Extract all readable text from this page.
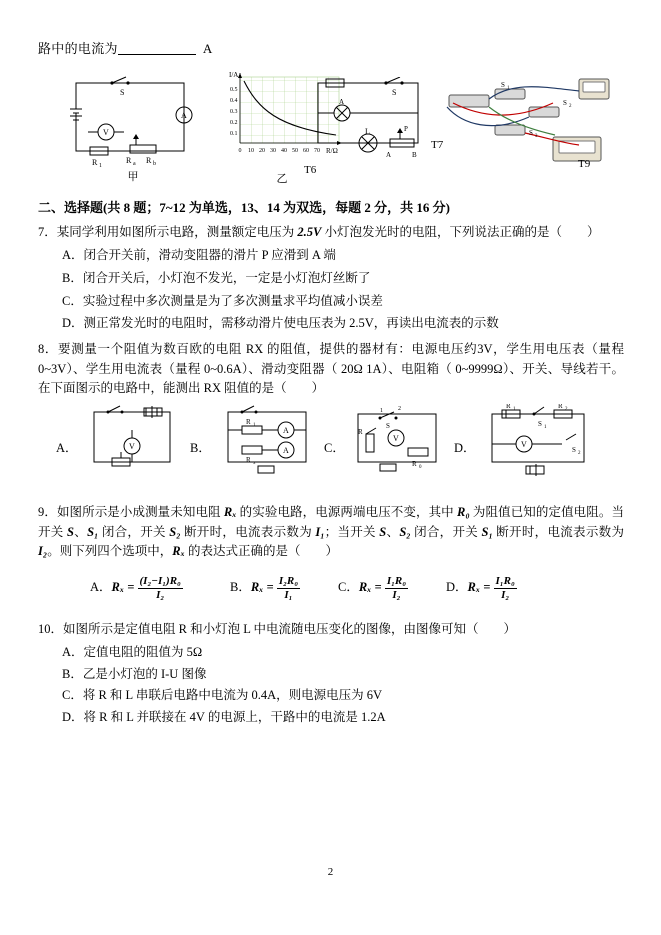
路中的电流为	A
S
V
R 1
R a R b
A
甲
I/A
0 10 20 30 40 50 60 70 R/Ω
0.1
0.2
0.3
0.4
0.5
乙
S
A
L	P
A	B
T6
S 1
S 2
S 3
T7
T9
二、选择题(共 8 题；7~12 为单选，13、14 为双选，每题 2 分，共 16 分)
7．某同学利用如图所示电路，测量额定电压为 2.5V 小灯泡发光时的电阻，下列说法正确的是（　　）
A．闭合开关前，滑动变阻器的滑片 P 应滑到 A 端
B．闭合开关后，小灯泡不发光，一定是小灯泡灯丝断了
C．实验过程中多次测量是为了多次测量求平均值减小误差
D．测正常发光时的电阻时，需移动滑片使电压表为 2.5V，再读出电流表的示数
8．要测量一个阻值为数百欧的电阻 RX 的阻值，提供的器材有：电源电压约3V，学生用电压表（量程 0~3V）、学生用电流表（量程 0~0.6A）、滑动变阻器（ 20Ω 1A）、电阻箱（ 0~9999Ω）、开关、导线若干。在下面图示的电路中，能测出 RX 阻值的是（　　）
A．	V	B．
R 1
A
R x
A	C．
1	2
S
R
V
R 0
D．
R 1	R 2
S 1
V
S 2
9．如图所示是小成测量未知电阻 Rₓ 的实验电路，电源两端电压不变，其中 R₀ 为阻值已知的定值电阻。当开关 S、S₁ 闭合，开关 S₂ 断开时，电流表示数为 I₁；当开关 S、S₂ 闭合，开关 S₁ 断开时，电流表示数为 I₂。则下列四个选项中，Rₓ 的表达式正确的是（　　）
A．$R_x = \frac{\text{(I₂−I₁)R₀}}{\text{I₂}}$	B．$R_x = \frac{\text{I₂R₀}}{\text{I₁}}$	C．$R_x = \frac{\text{I₁R₀}}{\text{I₂}}$	D．$R_x = \frac{\text{I₁R₀}}{\text{I₂}}$
10．如图所示是定值电阻 R 和小灯泡 L 中电流随电压变化的图像，由图像可知（　　）
A．定值电阻的阻值为 5Ω
B．乙是小灯泡的 I-U 图像
C．将 R 和 L 串联后电路中电流为 0.4A，则电源电压为 6V
D．将 R 和 L 并联接在 4V 的电源上，干路中的电流是 1.2A
2
